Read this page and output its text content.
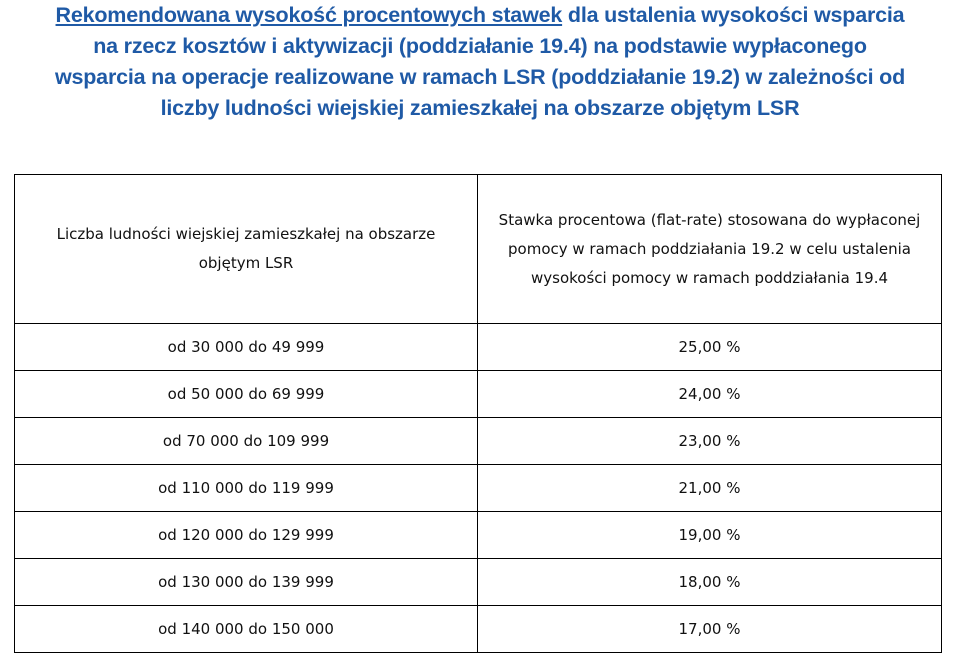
Rekomendowana wysokość procentowych stawek dla ustalenia wysokości wsparcia
na rzecz kosztów i aktywizacji (poddziałanie 19.4) na podstawie wypłaconego
wsparcia na operacje realizowane w ramach LSR (poddziałanie 19.2) w zależności od
liczby ludności wiejskiej zamieszkałej na obszarze objętym LSR
Liczba ludności wiejskiej zamieszkałej na obszarze objętym LSR	Stawka procentowa (flat-rate) stosowana do wypłaconej pomocy w ramach poddziałania 19.2 w celu ustalenia wysokości pomocy w ramach poddziałania 19.4
od 30 000 do 49 999	25,00 %
od 50 000 do 69 999	24,00 %
od 70 000 do 109 999	23,00 %
od 110 000 do 119 999	21,00 %
od 120 000 do 129 999	19,00 %
od 130 000 do 139 999	18,00 %
od 140 000 do 150 000	17,00 %
